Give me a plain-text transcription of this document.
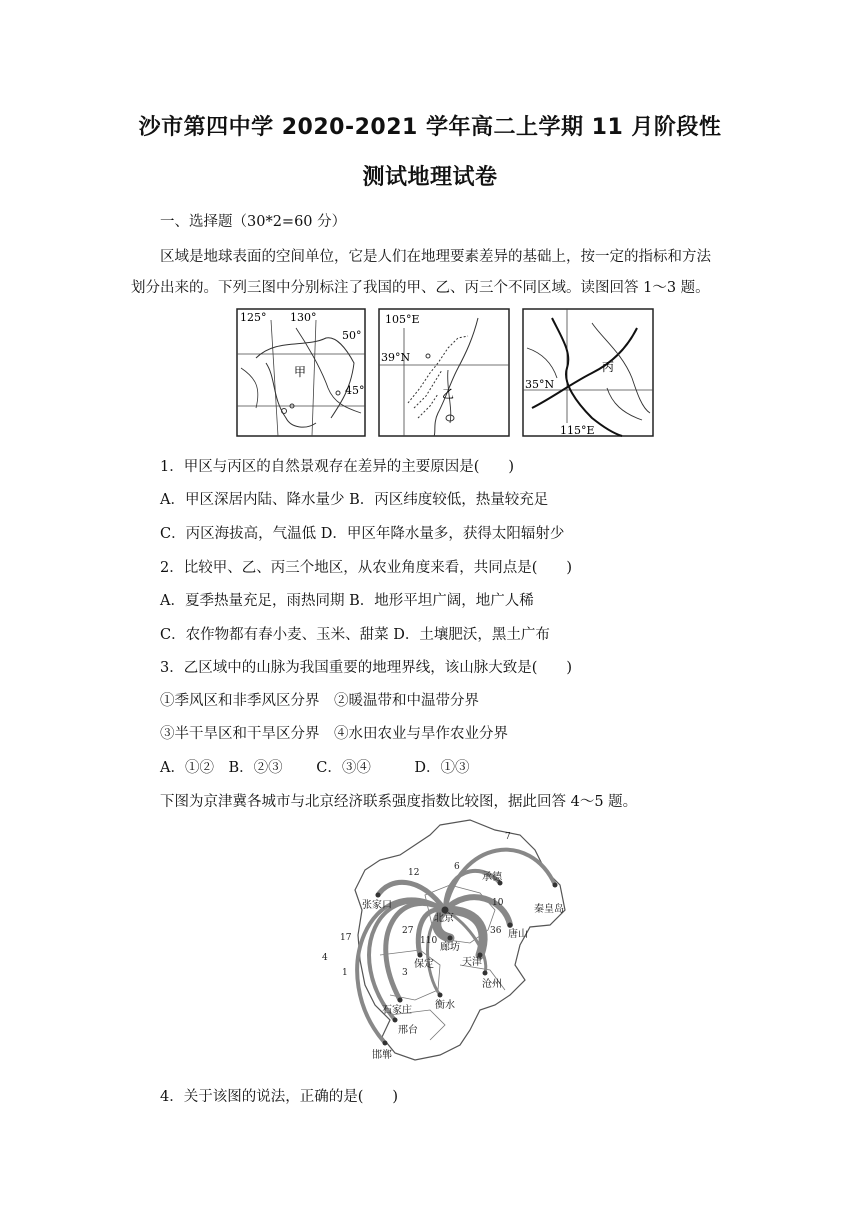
沙市第四中学 2020-2021 学年高二上学期 11 月阶段性
测试地理试卷
一、选择题（30*2=60 分）
区域是地球表面的空间单位，它是人们在地理要素差异的基础上，按一定的指标和方法
划分出来的。下列三图中分别标注了我国的甲、乙、丙三个不同区域。读图回答 1～3 题。
125° 130°
50°
45°
甲
105°E
39°N
乙
35°N
115°E
丙
1．甲区与丙区的自然景观存在差异的主要原因是(　　)
A．甲区深居内陆、降水量少 B．丙区纬度较低，热量较充足
C．丙区海拔高，气温低 D．甲区年降水量多，获得太阳辐射少
2．比较甲、乙、丙三个地区，从农业角度来看，共同点是(　　)
A．夏季热量充足，雨热同期 B．地形平坦广阔，地广人稀
C．农作物都有春小麦、玉米、甜菜 D．土壤肥沃，黑土广布
3．乙区域中的山脉为我国重要的地理界线，该山脉大致是(　　)
①季风区和非季风区分界　②暖温带和中温带分界
③半干旱区和干旱区分界　④水田农业与旱作农业分界
A．①②　B．②③　　 C．③④　　　D．①③
下图为京津冀各城市与北京经济联系强度指数比较图，据此回答 4～5 题。
北京
承德
秦皇岛
张家口
唐山
廊坊
天津
保定
沧州
石家庄 衡水
邢台
邯郸
7
6
12
10
36
110
27
3
17
4
1
4．关于该图的说法，正确的是(　　)
